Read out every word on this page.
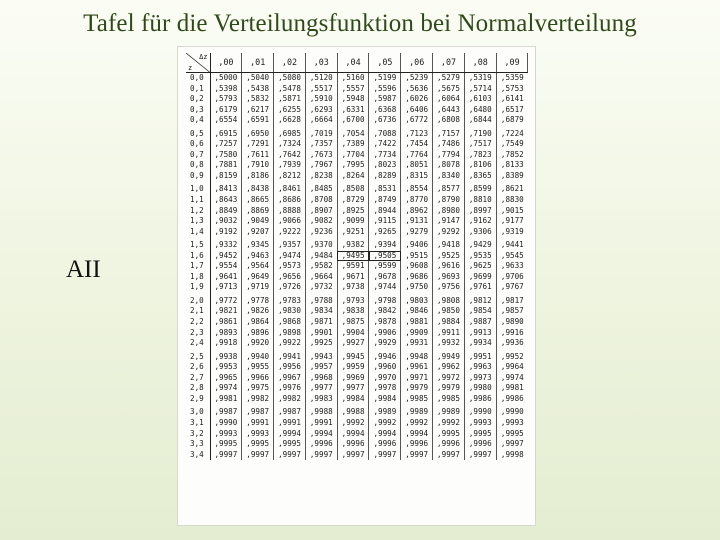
Tafel für die Verteilungsfunktion bei Normalverteilung
AII
Δz
z	,00	,01	,02	,03	,04	,05	,06	,07	,08	,09
0,0	,5000	,5040	,5080	,5120	,5160	,5199	,5239	,5279	,5319	,5359
0,1	,5398	,5438	,5478	,5517	,5557	,5596	,5636	,5675	,5714	,5753
0,2	,5793	,5832	,5871	,5910	,5948	,5987	,6026	,6064	,6103	,6141
0,3	,6179	,6217	,6255	,6293	,6331	,6368	,6406	,6443	,6480	,6517
0,4	,6554	,6591	,6628	,6664	,6700	,6736	,6772	,6808	,6844	,6879
0,5	,6915	,6950	,6985	,7019	,7054	,7088	,7123	,7157	,7190	,7224
0,6	,7257	,7291	,7324	,7357	,7389	,7422	,7454	,7486	,7517	,7549
0,7	,7580	,7611	,7642	,7673	,7704	,7734	,7764	,7794	,7823	,7852
0,8	,7881	,7910	,7939	,7967	,7995	,8023	,8051	,8078	,8106	,8133
0,9	,8159	,8186	,8212	,8238	,8264	,8289	,8315	,8340	,8365	,8389
1,0	,8413	,8438	,8461	,8485	,8508	,8531	,8554	,8577	,8599	,8621
1,1	,8643	,8665	,8686	,8708	,8729	,8749	,8770	,8790	,8810	,8830
1,2	,8849	,8869	,8888	,8907	,8925	,8944	,8962	,8980	,8997	,9015
1,3	,9032	,9049	,9066	,9082	,9099	,9115	,9131	,9147	,9162	,9177
1,4	,9192	,9207	,9222	,9236	,9251	,9265	,9279	,9292	,9306	,9319
1,5	,9332	,9345	,9357	,9370	,9382	,9394	,9406	,9418	,9429	,9441
1,6	,9452	,9463	,9474	,9484	,9495	,9505	,9515	,9525	,9535	,9545
1,7	,9554	,9564	,9573	,9582	,9591	,9599	,9608	,9616	,9625	,9633
1,8	,9641	,9649	,9656	,9664	,9671	,9678	,9686	,9693	,9699	,9706
1,9	,9713	,9719	,9726	,9732	,9738	,9744	,9750	,9756	,9761	,9767
2,0	,9772	,9778	,9783	,9788	,9793	,9798	,9803	,9808	,9812	,9817
2,1	,9821	,9826	,9830	,9834	,9838	,9842	,9846	,9850	,9854	,9857
2,2	,9861	,9864	,9868	,9871	,9875	,9878	,9881	,9884	,9887	,9890
2,3	,9893	,9896	,9898	,9901	,9904	,9906	,9909	,9911	,9913	,9916
2,4	,9918	,9920	,9922	,9925	,9927	,9929	,9931	,9932	,9934	,9936
2,5	,9938	,9940	,9941	,9943	,9945	,9946	,9948	,9949	,9951	,9952
2,6	,9953	,9955	,9956	,9957	,9959	,9960	,9961	,9962	,9963	,9964
2,7	,9965	,9966	,9967	,9968	,9969	,9970	,9971	,9972	,9973	,9974
2,8	,9974	,9975	,9976	,9977	,9977	,9978	,9979	,9979	,9980	,9981
2,9	,9981	,9982	,9982	,9983	,9984	,9984	,9985	,9985	,9986	,9986
3,0	,9987	,9987	,9987	,9988	,9988	,9989	,9989	,9989	,9990	,9990
3,1	,9990	,9991	,9991	,9991	,9992	,9992	,9992	,9992	,9993	,9993
3,2	,9993	,9993	,9994	,9994	,9994	,9994	,9994	,9995	,9995	,9995
3,3	,9995	,9995	,9995	,9996	,9996	,9996	,9996	,9996	,9996	,9997
3,4	,9997	,9997	,9997	,9997	,9997	,9997	,9997	,9997	,9997	,9998
